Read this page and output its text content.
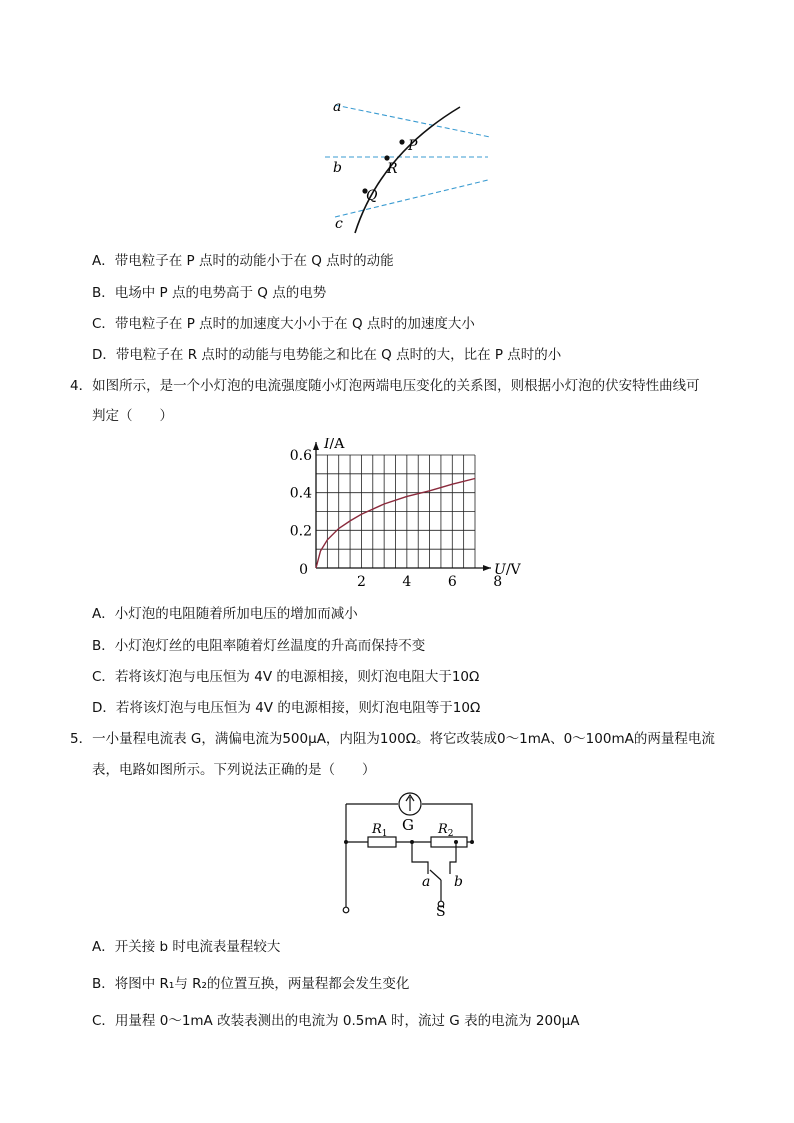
a
b
c
P
R
Q
A．带电粒子在 P 点时的动能小于在 Q 点时的动能
B．电场中 P 点的电势高于 Q 点的电势
C．带电粒子在 P 点时的加速度大小小于在 Q 点时的加速度大小
D．带电粒子在 R 点时的动能与电势能之和比在 Q 点时的大，比在 P 点时的小
4．如图所示，是一个小灯泡的电流强度随小灯泡两端电压变化的关系图，则根据小灯泡的伏安特性曲线可
判定（　　）
2	4	6	8
0
0.2
0.4
0.6
I/A
U/V
A．小灯泡的电阻随着所加电压的增加而减小
B．小灯泡灯丝的电阻率随着灯丝温度的升高而保持不变
C．若将该灯泡与电压恒为 4V 的电源相接，则灯泡电阻大于10Ω
D．若将该灯泡与电压恒为 4V 的电源相接，则灯泡电阻等于10Ω
5．一小量程电流表 G，满偏电流为500μA，内阻为100Ω。将它改装成0～1mA、0～100mA的两量程电流
表，电路如图所示。下列说法正确的是（　　）
G
$R_1$	$R_2$
a b
S
A．开关接 b 时电流表量程较大
B．将图中 R₁与 R₂的位置互换，两量程都会发生变化
C．用量程 0～1mA 改装表测出的电流为 0.5mA 时，流过 G 表的电流为 200μA
